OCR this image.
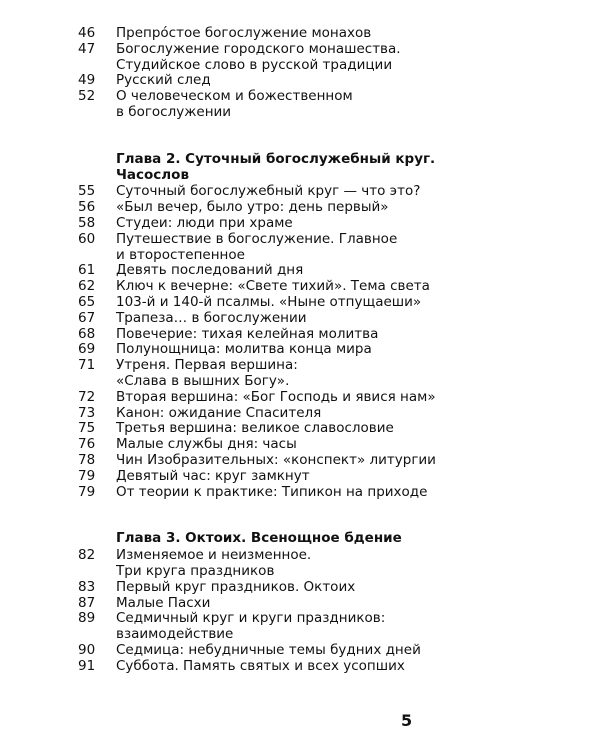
46	Препро́стое богослужение монахов
47	Богослужение городского монашества.
Студийское слово в русской традиции
49	Русский след
52	О человеческом и божественном
в богослужении
Глава 2. Суточный богослужебный круг.
Часослов
55	Суточный богослужебный круг — что это?
56	«Был вечер, было утро: день первый»
58	Студеи: люди при храме
60	Путешествие в богослужение. Главное
и второстепенное
61	Девять последований дня
62	Ключ к вечерне: «Свете тихий». Тема света
65	103-й и 140-й псалмы. «Ныне отпущаеши»
67	Трапеза… в богослужении
68	Повечерие: тихая келейная молитва
69	Полунощница: молитва конца мира
71	Утреня. Первая вершина:
«Слава в вышних Богу».
72	Вторая вершина: «Бог Господь и явися нам»
73	Канон: ожидание Спасителя
75	Третья вершина: великое славословие
76	Малые службы дня: часы
78	Чин Изобразительных: «конспект» литургии
79	Девятый час: круг замкнут
79	От теории к практике: Типикон на приходе
Глава 3. Октоих. Всенощное бдение
82	Изменяемое и неизменное.
Три круга праздников
83	Первый круг праздников. Октоих
87	Малые Пасхи
89	Седмичный круг и круги праздников:
взаимодействие
90	Седмица: небудничные темы будних дней
91	Суббота. Память святых и всех усопших
5
